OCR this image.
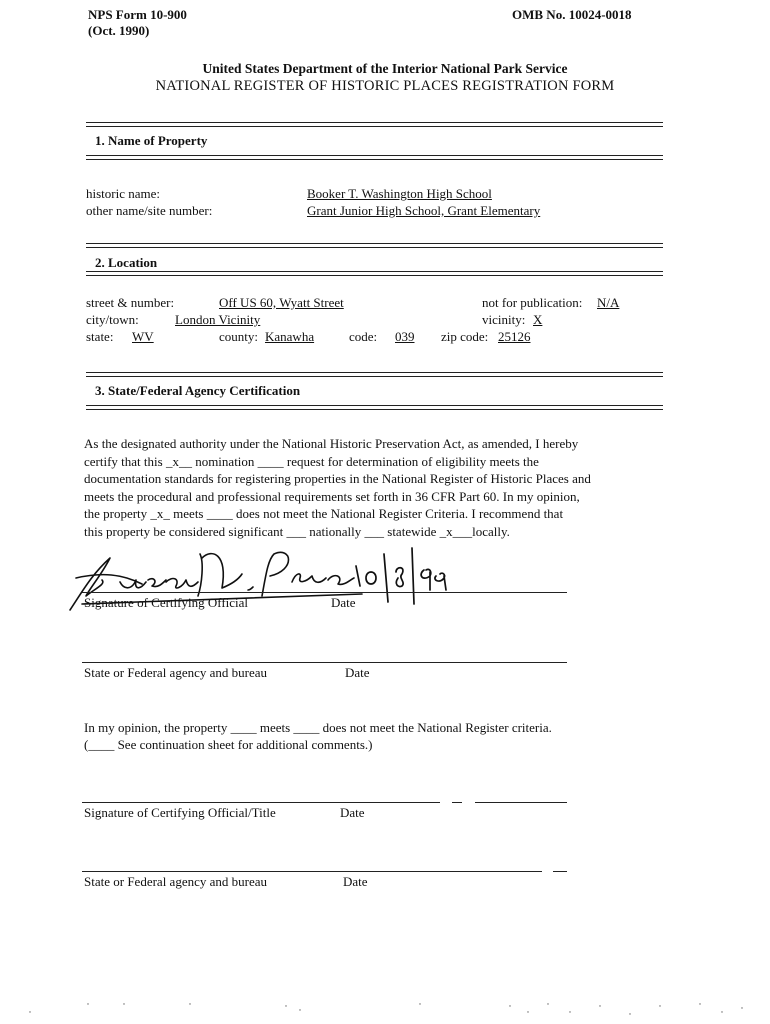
NPS Form 10-900
(Oct. 1990)
OMB No. 10024-0018
United States Department of the Interior National Park Service
NATIONAL REGISTER OF HISTORIC PLACES REGISTRATION FORM
1. Name of Property
historic name:	Booker T. Washington High School
other name/site number:	Grant Junior High School, Grant Elementary
2. Location
street & number:	Off US 60, Wyatt Street	not for publication: N/A
city/town:	London Vicinity	vicinity: X
state: WV	county: Kanawha	code: 039 zip code: 25126
3. State/Federal Agency Certification
As the designated authority under the National Historic Preservation Act, as amended, I hereby
certify that this _x__ nomination ____ request for determination of eligibility meets the
documentation standards for registering properties in the National Register of Historic Places and
meets the procedural and professional requirements set forth in 36 CFR Part 60. In my opinion,
the property _x_ meets ____ does not meet the National Register Criteria. I recommend that
this property be considered significant ___ nationally ___ statewide _x___locally.
Signature of Certifying Official	Date
State or Federal agency and bureau	Date
In my opinion, the property ____ meets ____ does not meet the National Register criteria.
(____ See continuation sheet for additional comments.)
Signature of Certifying Official/Title	Date
State or Federal agency and bureau	Date
